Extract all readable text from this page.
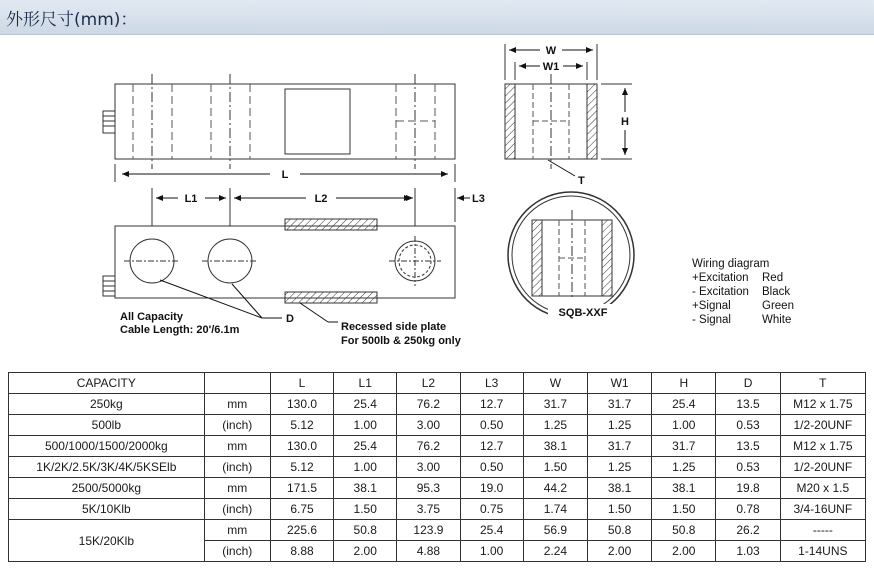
外形尺寸(mm)：
L
L1	L2	L3
D
All Capacity
Cable Length: 20'/6.1m	Recessed side plate
For 500lb & 250kg only
W
W1
H
T
SQB-XXF
Wiring diagram
+Excitation	Red
- Excitation	Black
+Signal	Green
- Signal	White
CAPACITY		L	L1	L2	L3	W	W1	H	D	T
250kg	mm	130.0	25.4	76.2	12.7	31.7	31.7	25.4	13.5	M12 x 1.75
500lb	(inch)	5.12	1.00	3.00	0.50	1.25	1.25	1.00	0.53	1/2-20UNF
500/1000/1500/2000kg	mm	130.0	25.4	76.2	12.7	38.1	31.7	31.7	13.5	M12 x 1.75
1K/2K/2.5K/3K/4K/5KSElb	(inch)	5.12	1.00	3.00	0.50	1.50	1.25	1.25	0.53	1/2-20UNF
2500/5000kg	mm	171.5	38.1	95.3	19.0	44.2	38.1	38.1	19.8	M20 x 1.5
5K/10Klb	(inch)	6.75	1.50	3.75	0.75	1.74	1.50	1.50	0.78	3/4-16UNF
15K/20Klb	mm	225.6	50.8	123.9	25.4	56.9	50.8	50.8	26.2	-----
	(inch)	8.88	2.00	4.88	1.00	2.24	2.00	2.00	1.03	1-14UNS
